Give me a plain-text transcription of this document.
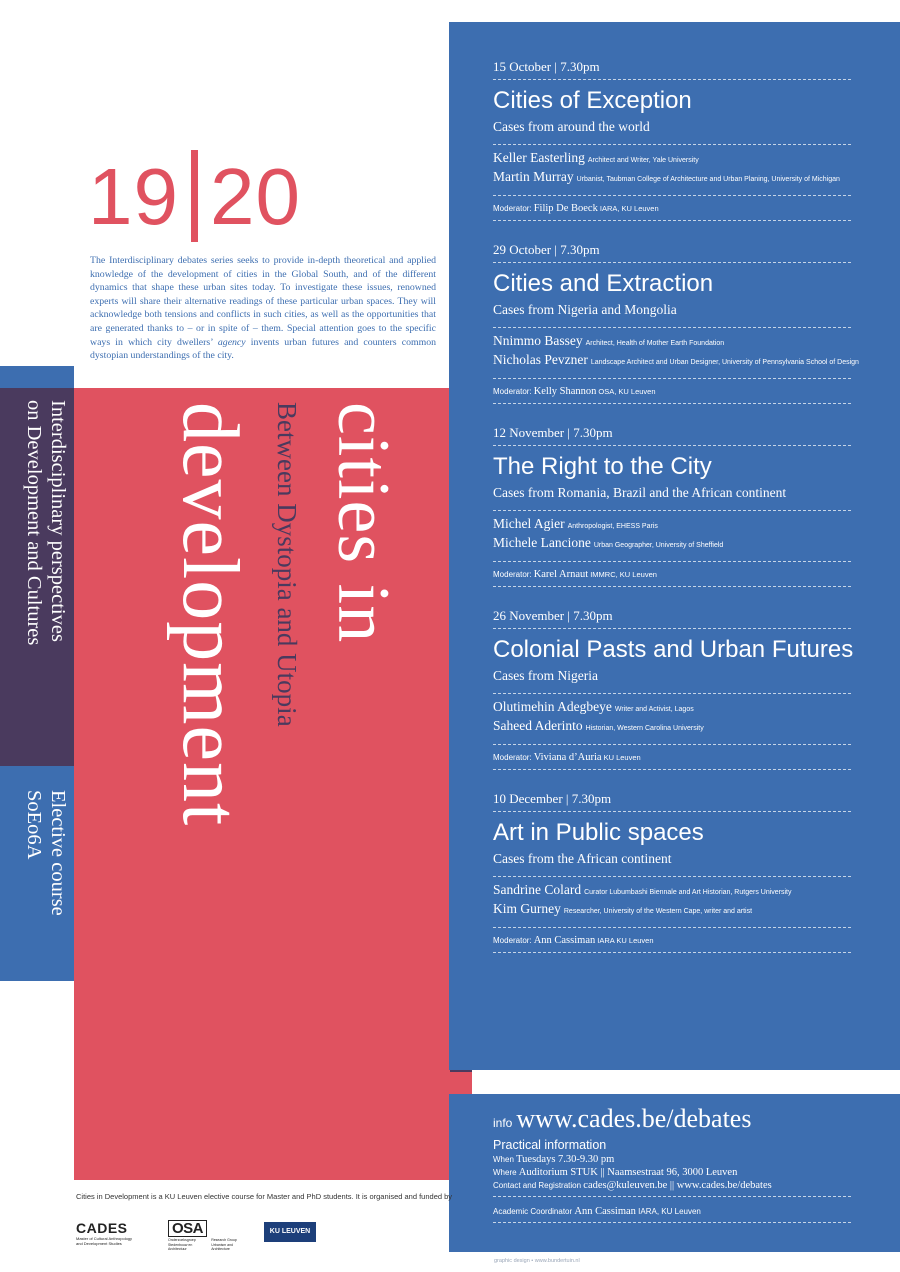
19 20

The Interdisciplinary debates series seeks to provide in-depth theoretical and applied knowledge of the development of cities in the Global South, and of the different dynamics that shape these urban sites today. To investigate these issues, renowned experts will share their alternative readings of these particular urban spaces. They will acknowledge both tensions and conflicts in such cities, as well as the opportunities that are generated thanks to – or in spite of – them. Special attention goes to the specific ways in which city dwellers’ agency invents urban futures and counters common dystopian understandings of the city.

cities in
Between Dystopia and Utopia
development
Interdisciplinary perspectives
on Development and Cultures
Elective course
SoEo6A
15 October | 7.30pm
Cities of Exception
Cases from around the world
Keller Easterling Architect and Writer, Yale University
Martin Murray Urbanist, Taubman College of Architecture and Urban Planing, University of Michigan
Moderator: Filip De Boeck IARA, KU Leuven
29 October | 7.30pm
Cities and Extraction
Cases from Nigeria and Mongolia
Nnimmo Bassey Architect, Health of Mother Earth Foundation
Nicholas Pevzner Landscape Architect and Urban Designer, University of Pennsylvania School of Design
Moderator: Kelly Shannon OSA, KU Leuven
12 November | 7.30pm
The Right to the City
Cases from Romania, Brazil and the African continent
Michel Agier Anthropologist, EHESS Paris
Michele Lancione Urban Geographer, University of Sheffield
Moderator: Karel Arnaut IMMRC, KU Leuven
26 November | 7.30pm
Colonial Pasts and Urban Futures
Cases from Nigeria
Olutimehin Adegbeye Writer and Activist, Lagos
Saheed Aderinto Historian, Western Carolina University
Moderator: Viviana d’Auria KU Leuven
10 December | 7.30pm
Art in Public spaces
Cases from the African continent
Sandrine Colard Curator Lubumbashi Biennale and Art Historian, Rutgers University
Kim Gurney Researcher, University of the Western Cape, writer and artist
Moderator: Ann Cassiman IARA KU Leuven
info www.cades.be/debates
Practical information
When Tuesdays 7.30-9.30 pm
Where Auditorium STUK || Naamsestraat 96, 3000 Leuven
Contact and Registration cades@kuleuven.be || www.cades.be/debates
Academic Coordinator Ann Cassiman IARA, KU Leuven
graphic design • www.bundertuin.nl
Cities in Development is a KU Leuven elective course for Master and PhD students. It is organised and funded by
CADES
Master of Cultural Anthropology and Development Studies
OSA
Onderzoeksgroep Stedenbouw en Architectuur
Research Group Urbanism and Architecture
KU LEUVEN
